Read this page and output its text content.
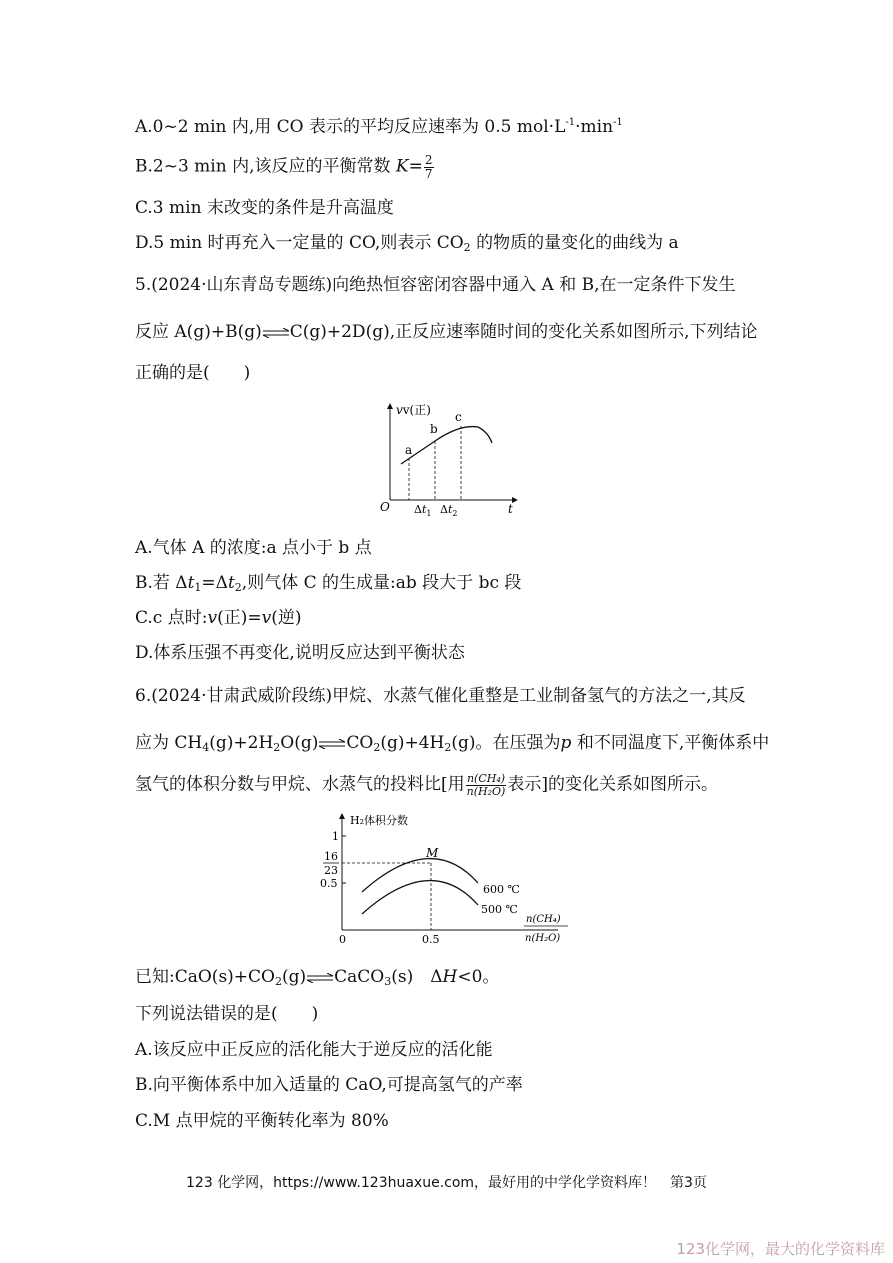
A.0~2 min 内,用 CO 表示的平均反应速率为 0.5 $mol\cdot L^{-1}\cdot\min^{-1}$
B.2~3 min 内,该反应的平衡常数 $K= \frac{2}{7}$
C.3 min 末改变的条件是升高温度
D.5 min 时再充入一定量的 CO,则表示 $CO_2$ 的物质的量变化的曲线为 a
5.(2024·山东青岛专题练)向绝热恒容密闭容器中通入 A 和 B,在一定条件下发生
反应 A(g)+B(g)⇌C(g)+2D(g),正反应速率随时间的变化关系如图所示,下列结论
正确的是(　　)
vv(正)
O	t
a
b
c
$\Delta t_1$ $\Delta t_2$
A.气体 A 的浓度:a 点小于 b 点
B.若 $\Delta t_1=\Delta t_2$,则气体 C 的生成量:ab 段大于 bc 段
C.c 点时:v(正)=v(逆)
D.体系压强不再变化,说明反应达到平衡状态
6.(2024·甘肃武威阶段练)甲烷、水蒸气催化重整是工业制备氢气的方法之一,其反
应为 $CH_4(g)+2H_2O(g)\rightleftharpoons CO_2(g)+4H_2(g)$。在压强为p 和不同温度下,平衡体系中
氢气的体积分数与甲烷、水蒸气的投料比[用 $\frac{\text{n(CH₄)}}{\text{n(H₂O)}}$ 表示]的变化关系如图所示。
H₂体积分数
1
16
23
0.5
0	0.5
M
600 ℃
500 ℃
n(CH₄)
n(H₂O)
已知$:CaO(s)+CO_2(g)\rightleftharpoons CaCO_3(s)$　ΔH<0。
下列说法错误的是(　　)
A.该反应中正反应的活化能大于逆反应的活化能
B.向平衡体系中加入适量的 CaO,可提高氢气的产率
C.M 点甲烷的平衡转化率为 80%
123 化学网，https://www.123huaxue.com，最好用的中学化学资料库！　第3页
123化学网，最大的化学资料库
